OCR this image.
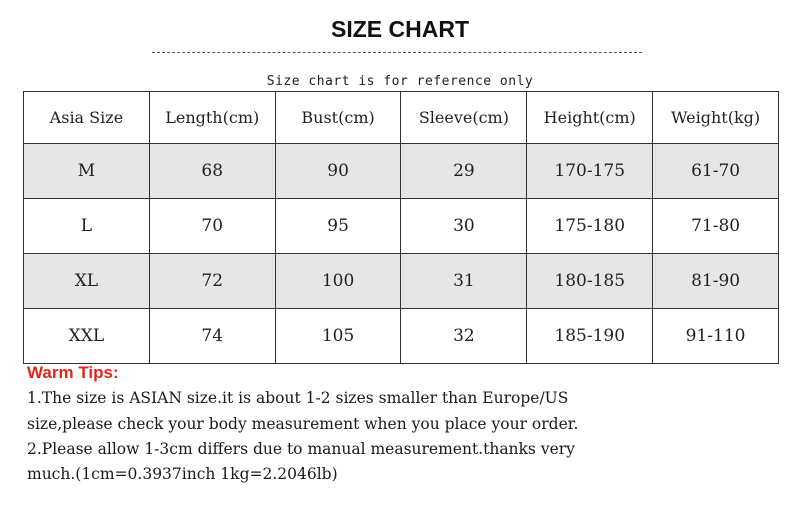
SIZE CHART
Size chart is for reference only
Asia Size	Length(cm)	Bust(cm)	Sleeve(cm)	Height(cm)	Weight(kg)
M	68	90	29	170-175	61-70
L	70	95	30	175-180	71-80
XL	72	100	31	180-185	81-90
XXL	74	105	32	185-190	91-110
Warm Tips:
1.The size is ASIAN size.it is about 1-2 sizes smaller than Europe/US
size,please check your body measurement when you place your order.
2.Please allow 1-3cm differs due to manual measurement.thanks very
much.(1cm=0.3937inch 1kg=2.2046lb)
